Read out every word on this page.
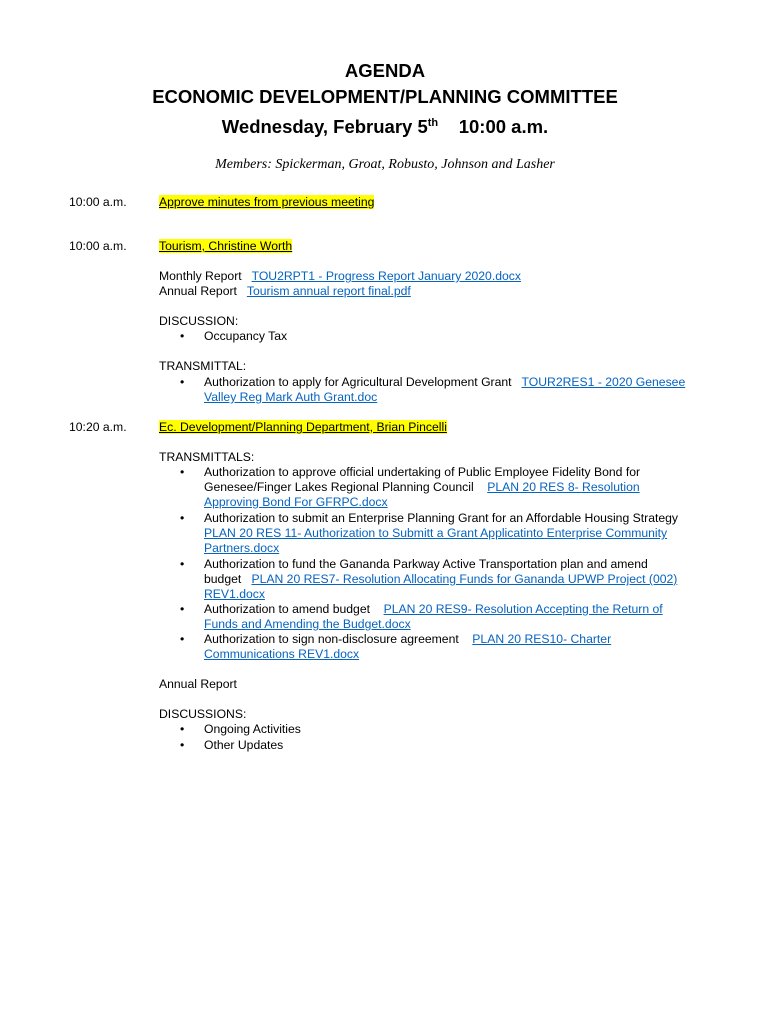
AGENDA
ECONOMIC DEVELOPMENT/PLANNING COMMITTEE
Wednesday, February 5th 10:00 a.m.
Members: Spickerman, Groat, Robusto, Johnson and Lasher
10:00 a.m.	Approve minutes from previous meeting
10:00 a.m.	Tourism, Christine Worth
Monthly Report TOU2RPT1 - Progress Report January 2020.docx
Annual Report Tourism annual report final.pdf
DISCUSSION:
• Occupancy Tax
TRANSMITTAL:
• Authorization to apply for Agricultural Development Grant TOUR2RES1 - 2020 Genesee
Valley Reg Mark Auth Grant.doc
10:20 a.m.	Ec. Development/Planning Department, Brian Pincelli
TRANSMITTALS:
• Authorization to approve official undertaking of Public Employee Fidelity Bond for
Genesee/Finger Lakes Regional Planning Council PLAN 20 RES 8- Resolution
Approving Bond For GFRPC.docx
• Authorization to submit an Enterprise Planning Grant for an Affordable Housing Strategy
PLAN 20 RES 11- Authorization to Submitt a Grant Applicatinto Enterprise Community
Partners.docx
• Authorization to fund the Gananda Parkway Active Transportation plan and amend
budget PLAN 20 RES7- Resolution Allocating Funds for Gananda UPWP Project (002)
REV1.docx
• Authorization to amend budget PLAN 20 RES9- Resolution Accepting the Return of
Funds and Amending the Budget.docx
• Authorization to sign non-disclosure agreement PLAN 20 RES10- Charter
Communications REV1.docx
Annual Report
DISCUSSIONS:
• Ongoing Activities
• Other Updates
